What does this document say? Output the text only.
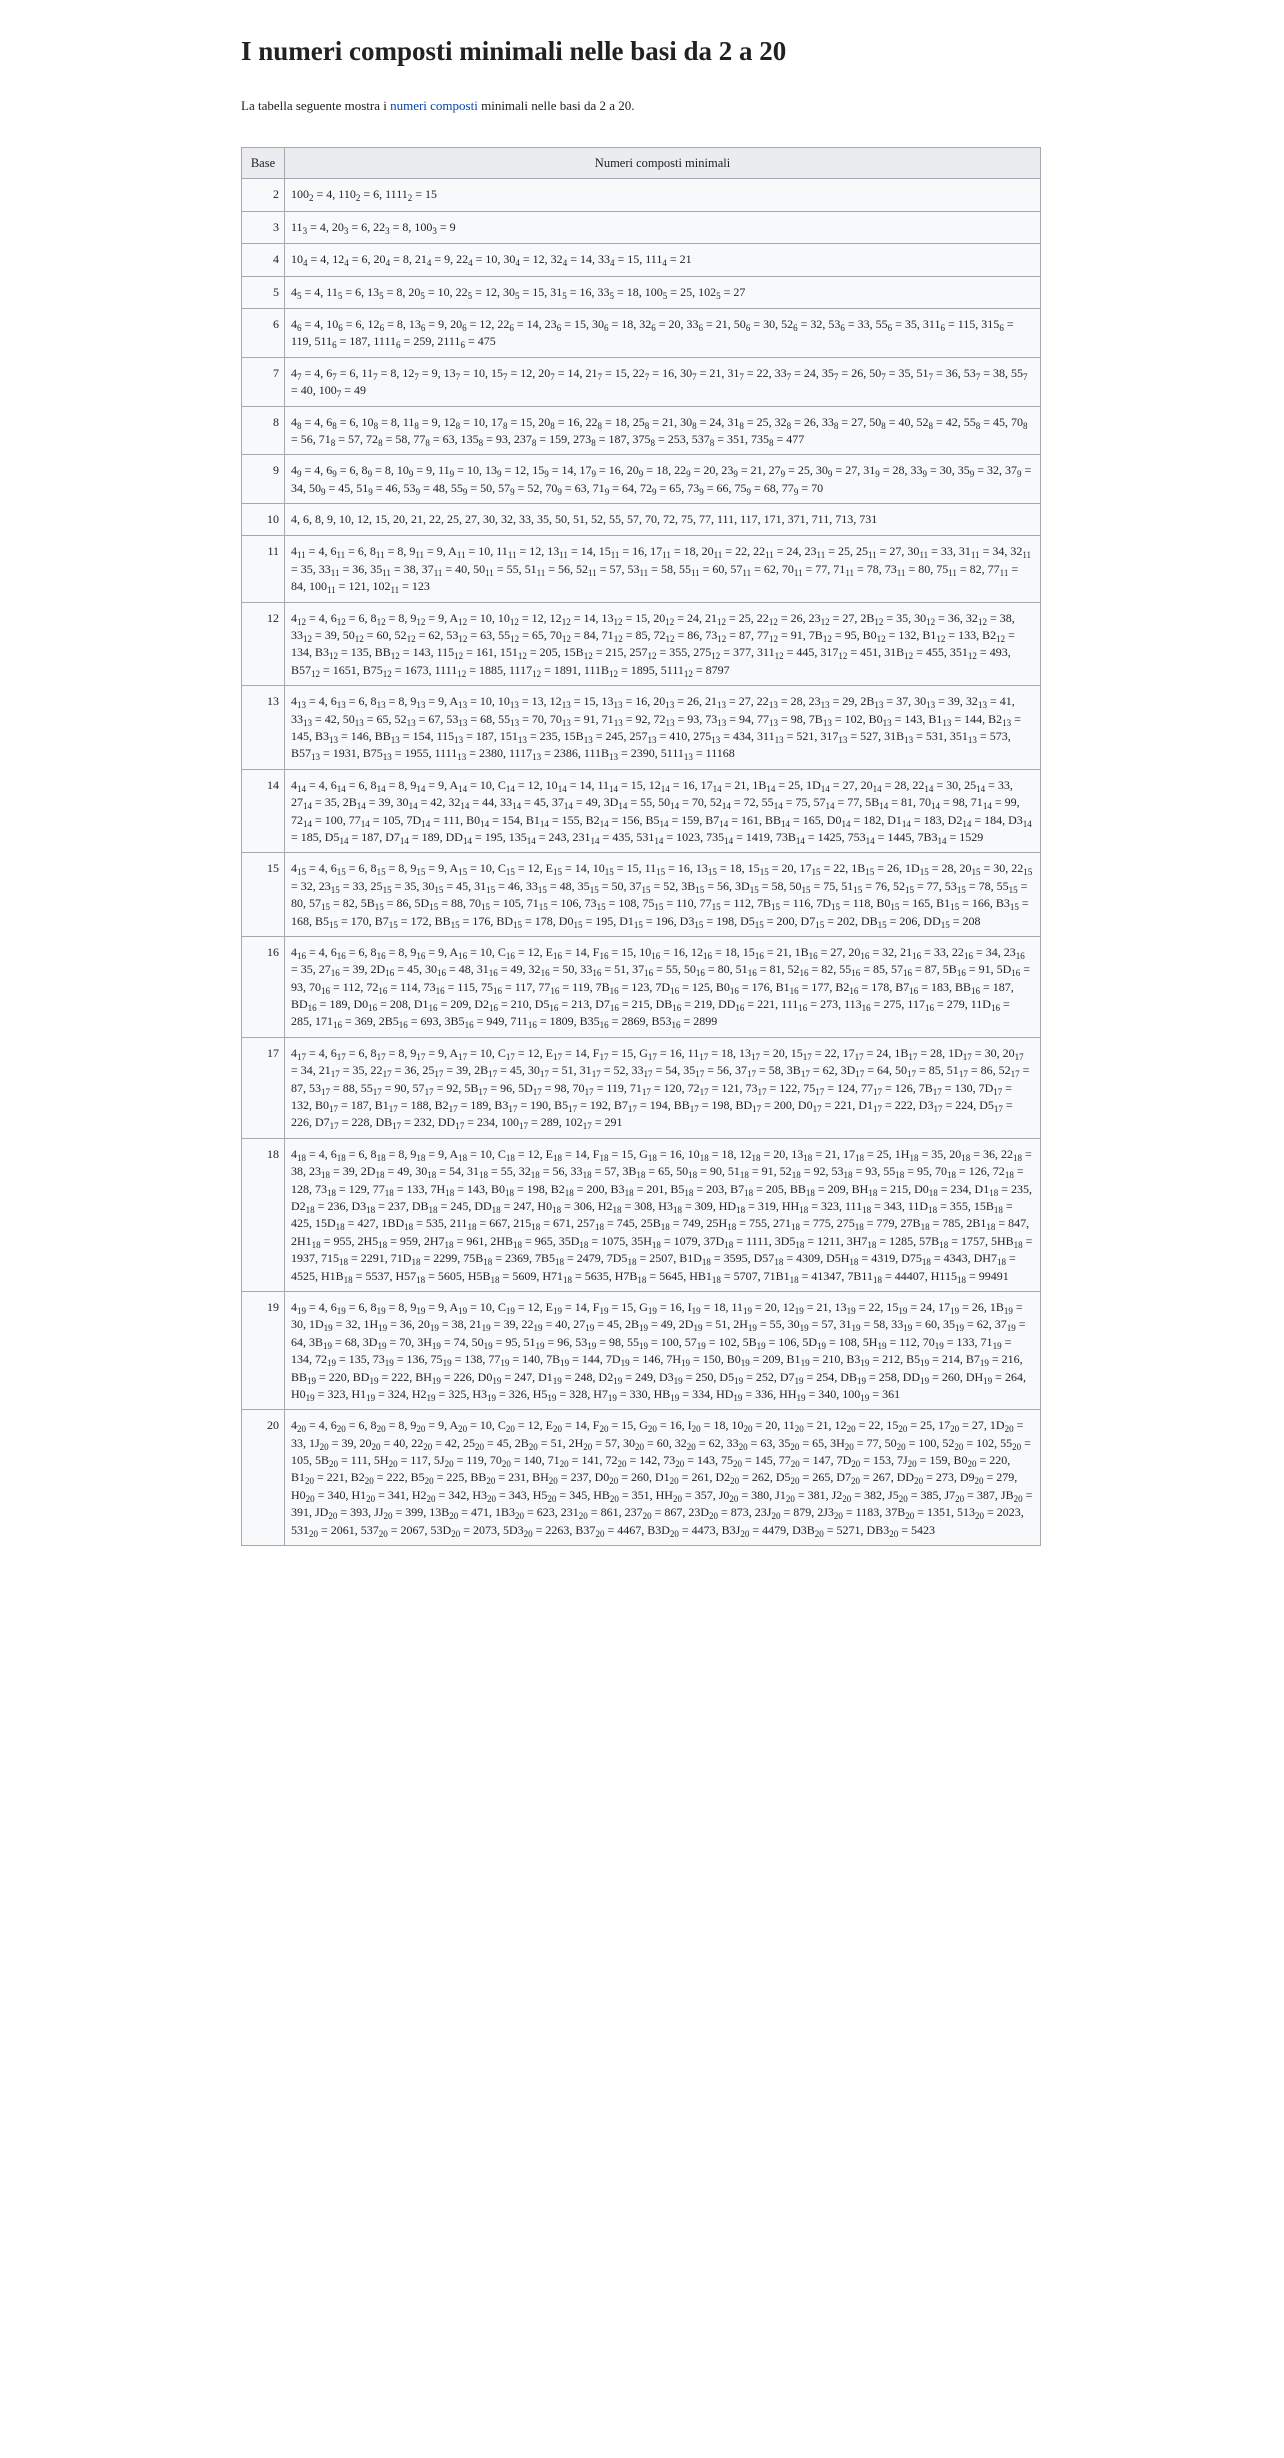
I numeri composti minimali nelle basi da 2 a 20

La tabella seguente mostra i numeri composti minimali nelle basi da 2 a 20.

Base	Numeri composti minimali
2	$100_2 = 4$, $110_2 = 6$, $1111_2 = 15$
3	$11_3 = 4$, $20_3 = 6$, $22_3 = 8$, $100_3 = 9$
4	$10_4 = 4$, $12_4 = 6$, $20_4 = 8$, $21_4 = 9$, $22_4 = 10$, $30_4 = 12$, $32_4 = 14$, $33_4 = 15$, $111_4 = 21$
5	$4_5 = 4$, $11_5 = 6$, $13_5 = 8$, $20_5 = 10$, $22_5 = 12$, $30_5 = 15$, $31_5 = 16$, $33_5 = 18$, $100_5 = 25$, $102_5 = 27$
6	$4_6 = 4$, $10_6 = 6$, $12_6 = 8$, $13_6 = 9$, $20_6 = 12$, $22_6 = 14$, $23_6 = 15$, $30_6 = 18$, $32_6 = 20$, $33_6 = 21$, $50_6 = 30$, $52_6 = 32$, $53_6 = 33$, $55_6 = 35$, $311_6 = 115$, $315_6 = 119$, $511_6 = 187$, $1111_6 = 259$, $2111_6 = 475$
7	$4_7 = 4$, $6_7 = 6$, $11_7 = 8$, $12_7 = 9$, $13_7 = 10$, $15_7 = 12$, $20_7 = 14$, $21_7 = 15$, $22_7 = 16$, $30_7 = 21$, $31_7 = 22$, $33_7 = 24$, $35_7 = 26$, $50_7 = 35$, $51_7 = 36$, $53_7 = 38$, $55_7 = 40$, $100_7 = 49$
8	$4_8 = 4$, $6_8 = 6$, $10_8 = 8$, $11_8 = 9$, $12_8 = 10$, $17_8 = 15$, $20_8 = 16$, $22_8 = 18$, $25_8 = 21$, $30_8 = 24$, $31_8 = 25$, $32_8 = 26$, $33_8 = 27$, $50_8 = 40$, $52_8 = 42$, $55_8 = 45$, $70_8 = 56$, $71_8 = 57$, $72_8 = 58$, $77_8 = 63$, $135_8 = 93$, $237_8 = 159$, $273_8 = 187$, $375_8 = 253$, $537_8 = 351$, $735_8 = 477$
9	$4_9 = 4$, $6_9 = 6$, $8_9 = 8$, $10_9 = 9$, $11_9 = 10$, $13_9 = 12$, $15_9 = 14$, $17_9 = 16$, $20_9 = 18$, $22_9 = 20$, $23_9 = 21$, $27_9 = 25$, $30_9 = 27$, $31_9 = 28$, $33_9 = 30$, $35_9 = 32$, $37_9 = 34$, $50_9 = 45$, $51_9 = 46$, $53_9 = 48$, $55_9 = 50$, $57_9 = 52$, $70_9 = 63$, $71_9 = 64$, $72_9 = 65$, $73_9 = 66$, $75_9 = 68$, $77_9 = 70$
10	4, 6, 8, 9, 10, 12, 15, 20, 21, 22, 25, 27, 30, 32, 33, 35, 50, 51, 52, 55, 57, 70, 72, 75, 77, 111, 117, 171, 371, 711, 713, 731
11	$4_{11} = 4$, $6_{11} = 6$, $8_{11} = 8$, $9_{11} = 9$, $A_{11} = 10$, $11_{11} = 12$, $13_{11} = 14$, $15_{11} = 16$, $17_{11} = 18$, $20_{11} = 22$, $22_{11} = 24$, $23_{11} = 25$, $25_{11} = 27$, $30_{11} = 33$, $31_{11} = 34$, $32_{11} = 35$, $33_{11} = 36$, $35_{11} = 38$, $37_{11} = 40$, $50_{11} = 55$, $51_{11} = 56$, $52_{11} = 57$, $53_{11} = 58$, $55_{11} = 60$, $57_{11} = 62$, $70_{11} = 77$, $71_{11} = 78$, $73_{11} = 80$, $75_{11} = 82$, $77_{11} = 84$, $100_{11} = 121$, $102_{11} = 123$
12	$4_{12} = 4$, $6_{12} = 6$, $8_{12} = 8$, $9_{12} = 9$, $A_{12} = 10$, $10_{12} = 12$, $12_{12} = 14$, $13_{12} = 15$, $20_{12} = 24$, $21_{12} = 25$, $22_{12} = 26$, $23_{12} = 27$, $2B_{12} = 35$, $30_{12} = 36$, $32_{12} = 38$, $33_{12} = 39$, $50_{12} = 60$, $52_{12} = 62$, $53_{12} = 63$, $55_{12} = 65$, $70_{12} = 84$, $71_{12} = 85$, $72_{12} = 86$, $73_{12} = 87$, $77_{12} = 91$, $7B_{12} = 95$, $B0_{12} = 132$, $B1_{12} = 133$, $B2_{12} = 134$, $B3_{12} = 135$, $BB_{12} = 143$, $115_{12} = 161$, $151_{12} = 205$, $15B_{12} = 215$, $257_{12} = 355$, $275_{12} = 377$, $311_{12} = 445$, $317_{12} = 451$, $31B_{12} = 455$, $351_{12} = 493$, $B57_{12} = 1651$, $B75_{12} = 1673$, $1111_{12} = 1885$, $1117_{12} = 1891$, $111B_{12} = 1895$, $5111_{12} = 8797$
13	$4_{13} = 4$, $6_{13} = 6$, $8_{13} = 8$, $9_{13} = 9$, $A_{13} = 10$, $10_{13} = 13$, $12_{13} = 15$, $13_{13} = 16$, $20_{13} = 26$, $21_{13} = 27$, $22_{13} = 28$, $23_{13} = 29$, $2B_{13} = 37$, $30_{13} = 39$, $32_{13} = 41$, $33_{13} = 42$, $50_{13} = 65$, $52_{13} = 67$, $53_{13} = 68$, $55_{13} = 70$, $70_{13} = 91$, $71_{13} = 92$, $72_{13} = 93$, $73_{13} = 94$, $77_{13} = 98$, $7B_{13} = 102$, $B0_{13} = 143$, $B1_{13} = 144$, $B2_{13} = 145$, $B3_{13} = 146$, $BB_{13} = 154$, $115_{13} = 187$, $151_{13} = 235$, $15B_{13} = 245$, $257_{13} = 410$, $275_{13} = 434$, $311_{13} = 521$, $317_{13} = 527$, $31B_{13} = 531$, $351_{13} = 573$, $B57_{13} = 1931$, $B75_{13} = 1955$, $1111_{13} = 2380$, $1117_{13} = 2386$, $111B_{13} = 2390$, $5111_{13} = 11168$
14	$4_{14} = 4$, $6_{14} = 6$, $8_{14} = 8$, $9_{14} = 9$, $A_{14} = 10$, $C_{14} = 12$, $10_{14} = 14$, $11_{14} = 15$, $12_{14} = 16$, $17_{14} = 21$, $1B_{14} = 25$, $1D_{14} = 27$, $20_{14} = 28$, $22_{14} = 30$, $25_{14} = 33$, $27_{14} = 35$, $2B_{14} = 39$, $30_{14} = 42$, $32_{14} = 44$, $33_{14} = 45$, $37_{14} = 49$, $3D_{14} = 55$, $50_{14} = 70$, $52_{14} = 72$, $55_{14} = 75$, $57_{14} = 77$, $5B_{14} = 81$, $70_{14} = 98$, $71_{14} = 99$, $72_{14} = 100$, $77_{14} = 105$, $7D_{14} = 111$, $B0_{14} = 154$, $B1_{14} = 155$, $B2_{14} = 156$, $B5_{14} = 159$, $B7_{14} = 161$, $BB_{14} = 165$, $D0_{14} = 182$, $D1_{14} = 183$, $D2_{14} = 184$, $D3_{14} = 185$, $D5_{14} = 187$, $D7_{14} = 189$, $DD_{14} = 195$, $135_{14} = 243$, $231_{14} = 435$, $531_{14} = 1023$, $735_{14} = 1419$, $73B_{14} = 1425$, $753_{14} = 1445$, $7B3_{14} = 1529$
15	$4_{15} = 4$, $6_{15} = 6$, $8_{15} = 8$, $9_{15} = 9$, $A_{15} = 10$, $C_{15} = 12$, $E_{15} = 14$, $10_{15} = 15$, $11_{15} = 16$, $13_{15} = 18$, $15_{15} = 20$, $17_{15} = 22$, $1B_{15} = 26$, $1D_{15} = 28$, $20_{15} = 30$, $22_{15} = 32$, $23_{15} = 33$, $25_{15} = 35$, $30_{15} = 45$, $31_{15} = 46$, $33_{15} = 48$, $35_{15} = 50$, $37_{15} = 52$, $3B_{15} = 56$, $3D_{15} = 58$, $50_{15} = 75$, $51_{15} = 76$, $52_{15} = 77$, $53_{15} = 78$, $55_{15} = 80$, $57_{15} = 82$, $5B_{15} = 86$, $5D_{15} = 88$, $70_{15} = 105$, $71_{15} = 106$, $73_{15} = 108$, $75_{15} = 110$, $77_{15} = 112$, $7B_{15} = 116$, $7D_{15} = 118$, $B0_{15} = 165$, $B1_{15} = 166$, $B3_{15} = 168$, $B5_{15} = 170$, $B7_{15} = 172$, $BB_{15} = 176$, $BD_{15} = 178$, $D0_{15} = 195$, $D1_{15} = 196$, $D3_{15} = 198$, $D5_{15} = 200$, $D7_{15} = 202$, $DB_{15} = 206$, $DD_{15} = 208$
16	$4_{16} = 4$, $6_{16} = 6$, $8_{16} = 8$, $9_{16} = 9$, $A_{16} = 10$, $C_{16} = 12$, $E_{16} = 14$, $F_{16} = 15$, $10_{16} = 16$, $12_{16} = 18$, $15_{16} = 21$, $1B_{16} = 27$, $20_{16} = 32$, $21_{16} = 33$, $22_{16} = 34$, $23_{16} = 35$, $27_{16} = 39$, $2D_{16} = 45$, $30_{16} = 48$, $31_{16} = 49$, $32_{16} = 50$, $33_{16} = 51$, $37_{16} = 55$, $50_{16} = 80$, $51_{16} = 81$, $52_{16} = 82$, $55_{16} = 85$, $57_{16} = 87$, $5B_{16} = 91$, $5D_{16} = 93$, $70_{16} = 112$, $72_{16} = 114$, $73_{16} = 115$, $75_{16} = 117$, $77_{16} = 119$, $7B_{16} = 123$, $7D_{16} = 125$, $B0_{16} = 176$, $B1_{16} = 177$, $B2_{16} = 178$, $B7_{16} = 183$, $BB_{16} = 187$, $BD_{16} = 189$, $D0_{16} = 208$, $D1_{16} = 209$, $D2_{16} = 210$, $D5_{16} = 213$, $D7_{16} = 215$, $DB_{16} = 219$, $DD_{16} = 221$, $111_{16} = 273$, $113_{16} = 275$, $117_{16} = 279$, $11D_{16} = 285$, $171_{16} = 369$, $2B5_{16} = 693$, $3B5_{16} = 949$, $711_{16} = 1809$, $B35_{16} = 2869$, $B53_{16} = 2899$
17	$4_{17} = 4$, $6_{17} = 6$, $8_{17} = 8$, $9_{17} = 9$, $A_{17} = 10$, $C_{17} = 12$, $E_{17} = 14$, $F_{17} = 15$, $G_{17} = 16$, $11_{17} = 18$, $13_{17} = 20$, $15_{17} = 22$, $17_{17} = 24$, $1B_{17} = 28$, $1D_{17} = 30$, $20_{17} = 34$, $21_{17} = 35$, $22_{17} = 36$, $25_{17} = 39$, $2B_{17} = 45$, $30_{17} = 51$, $31_{17} = 52$, $33_{17} = 54$, $35_{17} = 56$, $37_{17} = 58$, $3B_{17} = 62$, $3D_{17} = 64$, $50_{17} = 85$, $51_{17} = 86$, $52_{17} = 87$, $53_{17} = 88$, $55_{17} = 90$, $57_{17} = 92$, $5B_{17} = 96$, $5D_{17} = 98$, $70_{17} = 119$, $71_{17} = 120$, $72_{17} = 121$, $73_{17} = 122$, $75_{17} = 124$, $77_{17} = 126$, $7B_{17} = 130$, $7D_{17} = 132$, $B0_{17} = 187$, $B1_{17} = 188$, $B2_{17} = 189$, $B3_{17} = 190$, $B5_{17} = 192$, $B7_{17} = 194$, $BB_{17} = 198$, $BD_{17} = 200$, $D0_{17} = 221$, $D1_{17} = 222$, $D3_{17} = 224$, $D5_{17} = 226$, $D7_{17} = 228$, $DB_{17} = 232$, $DD_{17} = 234$, $100_{17} = 289$, $102_{17} = 291$
18	$4_{18} = 4$, $6_{18} = 6$, $8_{18} = 8$, $9_{18} = 9$, $A_{18} = 10$, $C_{18} = 12$, $E_{18} = 14$, $F_{18} = 15$, $G_{18} = 16$, $10_{18} = 18$, $12_{18} = 20$, $13_{18} = 21$, $17_{18} = 25$, $1H_{18} = 35$, $20_{18} = 36$, $22_{18} = 38$, $23_{18} = 39$, $2D_{18} = 49$, $30_{18} = 54$, $31_{18} = 55$, $32_{18} = 56$, $33_{18} = 57$, $3B_{18} = 65$, $50_{18} = 90$, $51_{18} = 91$, $52_{18} = 92$, $53_{18} = 93$, $55_{18} = 95$, $70_{18} = 126$, $72_{18} = 128$, $73_{18} = 129$, $77_{18} = 133$, $7H_{18} = 143$, $B0_{18} = 198$, $B2_{18} = 200$, $B3_{18} = 201$, $B5_{18} = 203$, $B7_{18} = 205$, $BB_{18} = 209$, $BH_{18} = 215$, $D0_{18} = 234$, $D1_{18} = 235$, $D2_{18} = 236$, $D3_{18} = 237$, $DB_{18} = 245$, $DD_{18} = 247$, $H0_{18} = 306$, $H2_{18} = 308$, $H3_{18} = 309$, $HD_{18} = 319$, $HH_{18} = 323$, $111_{18} = 343$, $11D_{18} = 355$, $15B_{18} = 425$, $15D_{18} = 427$, $1BD_{18} = 535$, $211_{18} = 667$, $215_{18} = 671$, $257_{18} = 745$, $25B_{18} = 749$, $25H_{18} = 755$, $271_{18} = 775$, $275_{18} = 779$, $27B_{18} = 785$, $2B1_{18} = 847$, $2H1_{18} = 955$, $2H5_{18} = 959$, $2H7_{18} = 961$, $2HB_{18} = 965$, $35D_{18} = 1075$, $35H_{18} = 1079$, $37D_{18} = 1111$, $3D5_{18} = 1211$, $3H7_{18} = 1285$, $57B_{18} = 1757$, $5HB_{18} = 1937$, $715_{18} = 2291$, $71D_{18} = 2299$, $75B_{18} = 2369$, $7B5_{18} = 2479$, $7D5_{18} = 2507$, $B1D_{18} = 3595$, $D57_{18} = 4309$, $D5H_{18} = 4319$, $D75_{18} = 4343$, $DH7_{18} = 4525$, $H1B_{18} = 5537$, $H57_{18} = 5605$, $H5B_{18} = 5609$, $H71_{18} = 5635$, $H7B_{18} = 5645$, $HB1_{18} = 5707$, $71B1_{18} = 41347$, $7B11_{18} = 44407$, $H115_{18} = 99491$
19	$4_{19} = 4$, $6_{19} = 6$, $8_{19} = 8$, $9_{19} = 9$, $A_{19} = 10$, $C_{19} = 12$, $E_{19} = 14$, $F_{19} = 15$, $G_{19} = 16$, $I_{19} = 18$, $11_{19} = 20$, $12_{19} = 21$, $13_{19} = 22$, $15_{19} = 24$, $17_{19} = 26$, $1B_{19} = 30$, $1D_{19} = 32$, $1H_{19} = 36$, $20_{19} = 38$, $21_{19} = 39$, $22_{19} = 40$, $27_{19} = 45$, $2B_{19} = 49$, $2D_{19} = 51$, $2H_{19} = 55$, $30_{19} = 57$, $31_{19} = 58$, $33_{19} = 60$, $35_{19} = 62$, $37_{19} = 64$, $3B_{19} = 68$, $3D_{19} = 70$, $3H_{19} = 74$, $50_{19} = 95$, $51_{19} = 96$, $53_{19} = 98$, $55_{19} = 100$, $57_{19} = 102$, $5B_{19} = 106$, $5D_{19} = 108$, $5H_{19} = 112$, $70_{19} = 133$, $71_{19} = 134$, $72_{19} = 135$, $73_{19} = 136$, $75_{19} = 138$, $77_{19} = 140$, $7B_{19} = 144$, $7D_{19} = 146$, $7H_{19} = 150$, $B0_{19} = 209$, $B1_{19} = 210$, $B3_{19} = 212$, $B5_{19} = 214$, $B7_{19} = 216$, $BB_{19} = 220$, $BD_{19} = 222$, $BH_{19} = 226$, $D0_{19} = 247$, $D1_{19} = 248$, $D2_{19} = 249$, $D3_{19} = 250$, $D5_{19} = 252$, $D7_{19} = 254$, $DB_{19} = 258$, $DD_{19} = 260$, $DH_{19} = 264$, $H0_{19} = 323$, $H1_{19} = 324$, $H2_{19} = 325$, $H3_{19} = 326$, $H5_{19} = 328$, $H7_{19} = 330$, $HB_{19} = 334$, $HD_{19} = 336$, $HH_{19} = 340$, $100_{19} = 361$
20	$4_{20} = 4$, $6_{20} = 6$, $8_{20} = 8$, $9_{20} = 9$, $A_{20} = 10$, $C_{20} = 12$, $E_{20} = 14$, $F_{20} = 15$, $G_{20} = 16$, $I_{20} = 18$, $10_{20} = 20$, $11_{20} = 21$, $12_{20} = 22$, $15_{20} = 25$, $17_{20} = 27$, $1D_{20} = 33$, $1J_{20} = 39$, $20_{20} = 40$, $22_{20} = 42$, $25_{20} = 45$, $2B_{20} = 51$, $2H_{20} = 57$, $30_{20} = 60$, $32_{20} = 62$, $33_{20} = 63$, $35_{20} = 65$, $3H_{20} = 77$, $50_{20} = 100$, $52_{20} = 102$, $55_{20} = 105$, $5B_{20} = 111$, $5H_{20} = 117$, $5J_{20} = 119$, $70_{20} = 140$, $71_{20} = 141$, $72_{20} = 142$, $73_{20} = 143$, $75_{20} = 145$, $77_{20} = 147$, $7D_{20} = 153$, $7J_{20} = 159$, $B0_{20} = 220$, $B1_{20} = 221$, $B2_{20} = 222$, $B5_{20} = 225$, $BB_{20} = 231$, $BH_{20} = 237$, $D0_{20} = 260$, $D1_{20} = 261$, $D2_{20} = 262$, $D5_{20} = 265$, $D7_{20} = 267$, $DD_{20} = 273$, $D9_{20} = 279$, $H0_{20} = 340$, $H1_{20} = 341$, $H2_{20} = 342$, $H3_{20} = 343$, $H5_{20} = 345$, $HB_{20} = 351$, $HH_{20} = 357$, $J0_{20} = 380$, $J1_{20} = 381$, $J2_{20} = 382$, $J5_{20} = 385$, $J7_{20} = 387$, $JB_{20} = 391$, $JD_{20} = 393$, $JJ_{20} = 399$, $13B_{20} = 471$, $1B3_{20} = 623$, $231_{20} = 861$, $237_{20} = 867$, $23D_{20} = 873$, $23J_{20} = 879$, $2J3_{20} = 1183$, $37B_{20} = 1351$, $513_{20} = 2023$, $531_{20} = 2061$, $537_{20} = 2067$, $53D_{20} = 2073$, $5D3_{20} = 2263$, $B37_{20} = 4467$, $B3D_{20} = 4473$, $B3J_{20} = 4479$, $D3B_{20} = 5271$, $DB3_{20} = 5423$
